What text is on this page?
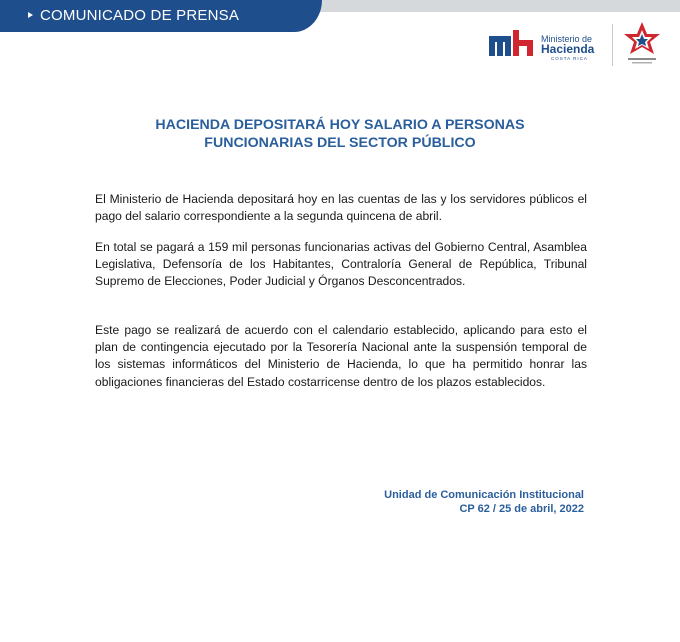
COMUNICADO DE PRENSA
Ministerio de
Hacienda
COSTA RICA
HACIENDA DEPOSITARÁ HOY SALARIO A PERSONAS
FUNCIONARIAS DEL SECTOR PÚBLICO

El Ministerio de Hacienda depositará hoy en las cuentas de las y los servidores públicos el pago del salario correspondiente a la segunda quincena de abril.

En total se pagará a 159 mil personas funcionarias activas del Gobierno Central, Asamblea Legislativa, Defensoría de los Habitantes, Contraloría General de República, Tribunal Supremo de Elecciones, Poder Judicial y Órganos Desconcentrados.

Este pago se realizará de acuerdo con el calendario establecido, aplicando para esto el plan de contingencia ejecutado por la Tesorería Nacional ante la suspensión temporal de los sistemas informáticos del Ministerio de Hacienda, lo que ha permitido honrar las obligaciones financieras del Estado costarricense dentro de los plazos establecidos.

Unidad de Comunicación Institucional
CP 62 / 25 de abril, 2022
